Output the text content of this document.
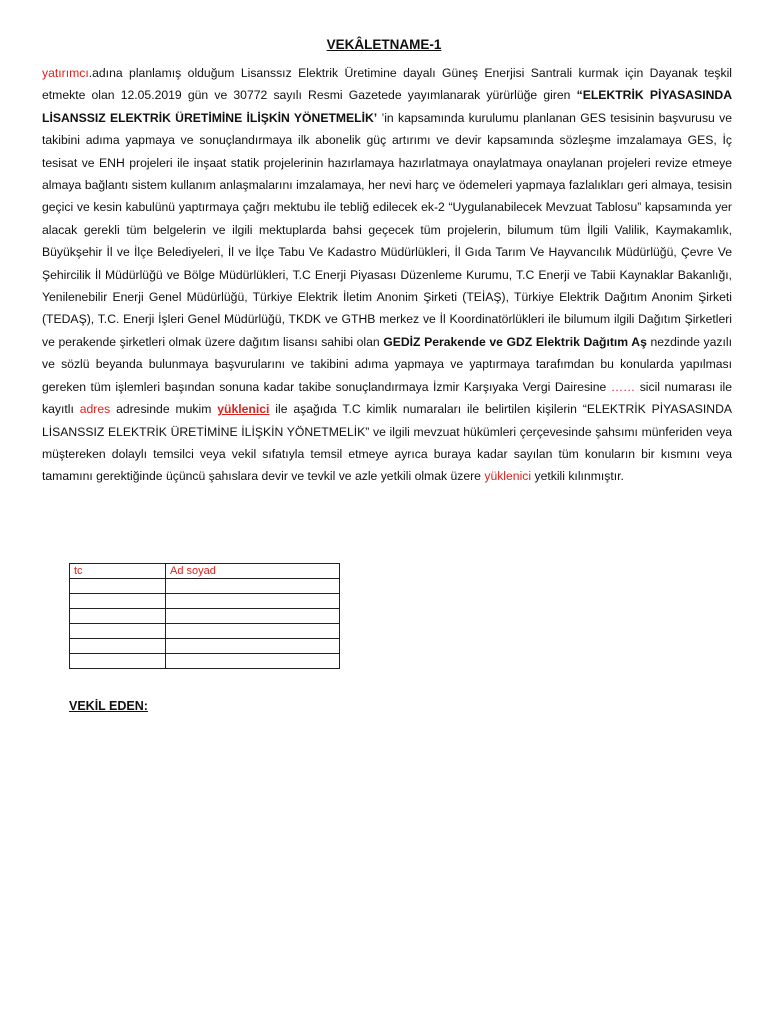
VEKÂLETNAME-1
yatırımcı.adına planlamış olduğum Lisanssız Elektrik Üretimine dayalı Güneş Enerjisi Santrali kurmak için Dayanak teşkil etmekte olan 12.05.2019 gün ve 30772 sayılı Resmi Gazetede yayımlanarak yürürlüğe giren “ELEKTRİK PİYASASINDA LİSANSSIZ ELEKTRİK ÜRETİMİNE İLİŞKİN YÖNETMELİK’ ’in kapsamında kurulumu planlanan GES tesisinin başvurusu ve takibini adıma yapmaya ve sonuçlandırmaya ilk abonelik güç artırımı ve devir kapsamında sözleşme imzalamaya GES, İç tesisat ve ENH projeleri ile inşaat statik projelerinin hazırlamaya hazırlatmaya onaylatmaya onaylanan projeleri revize etmeye almaya bağlantı sistem kullanım anlaşmalarını imzalamaya, her nevi harç ve ödemeleri yapmaya fazlalıkları geri almaya, tesisin geçici ve kesin kabulünü yaptırmaya çağrı mektubu ile tebliğ edilecek ek-2 “Uygulanabilecek Mevzuat Tablosu” kapsamında yer alacak gerekli tüm belgelerin ve ilgili mektuplarda bahsi geçecek tüm projelerin, bilumum tüm İlgili Valilik, Kaymakamlık, Büyükşehir İl ve İlçe Belediyeleri, İl ve İlçe Tabu Ve Kadastro Müdürlükleri, İl Gıda Tarım Ve Hayvancılık Müdürlüğü, Çevre Ve Şehircilik İl Müdürlüğü ve Bölge Müdürlükleri, T.C Enerji Piyasası Düzenleme Kurumu, T.C Enerji ve Tabii Kaynaklar Bakanlığı, Yenilenebilir Enerji Genel Müdürlüğü, Türkiye Elektrik İletim Anonim Şirketi (TEİAŞ), Türkiye Elektrik Dağıtım Anonim Şirketi (TEDAŞ), T.C. Enerji İşleri Genel Müdürlüğü, TKDK ve GTHB merkez ve İl Koordinatörlükleri ile bilumum ilgili Dağıtım Şirketleri ve perakende şirketleri olmak üzere dağıtım lisansı sahibi olan GEDİZ Perakende ve GDZ Elektrik Dağıtım Aş nezdinde yazılı ve sözlü beyanda bulunmaya başvurularını ve takibini adıma yapmaya ve yaptırmaya tarafımdan bu konularda yapılması gereken tüm işlemleri başından sonuna kadar takibe sonuçlandırmaya İzmir Karşıyaka Vergi Dairesine …… sicil numarası ile kayıtlı adres adresinde mukim yüklenici ile aşağıda T.C kimlik numaraları ile belirtilen kişilerin “ELEKTRİK PİYASASINDA LİSANSSIZ ELEKTRİK ÜRETİMİNE İLİŞKİN YÖNETMELİK” ve ilgili mevzuat hükümleri çerçevesinde şahsımı münferiden veya müştereken dolaylı temsilci veya vekil sıfatıyla temsil etmeye ayrıca buraya kadar sayılan tüm konuların bir kısmını veya tamamını gerektiğinde üçüncü şahıslara devir ve tevkil ve azle yetkili olmak üzere yüklenici yetkili kılınmıştır.
tc	Ad soyad

VEKİL EDEN:
